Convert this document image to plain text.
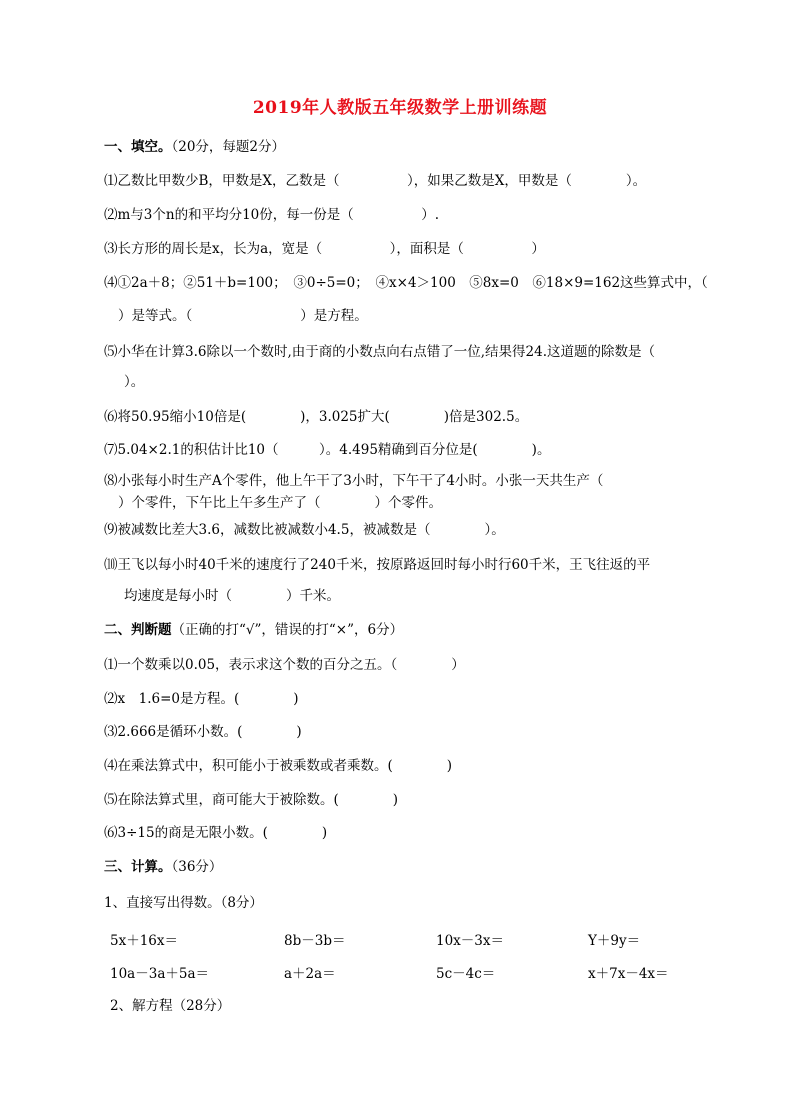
2019年人教版五年级数学上册训练题
一、填空。（20分，每题2分）
⑴乙数比甲数少B，甲数是X，乙数是（　　　　　），如果乙数是X，甲数是（　　　　）。
⑵m与3个n的和平均分10份，每一份是（　　　　　）.
⑶长方形的周长是x，长为a，宽是（　　　　　），面积是（　　　　　）
⑷①2a＋8；②51＋b=100；　③0÷5=0；　④x×4＞100　⑤8x=0　⑥18×9=162这些算式中，（
）是等式。（　　　　　　　　）是方程。
⑸小华在计算3.6除以一个数时,由于商的小数点向右点错了一位,结果得24.这道题的除数是（
）。
⑹将50.95缩小10倍是(　　　　)，3.025扩大(　　　　)倍是302.5。
⑺5.04×2.1的积估计比10（　　　）。4.495精确到百分位是(　　　　)。
⑻小张每小时生产A个零件，他上午干了3小时，下午干了4小时。小张一天共生产（
）个零件，下午比上午多生产了（　　　　）个零件。
⑼被减数比差大3.6，减数比被减数小4.5，被减数是（　　　　）。
⑽王飞以每小时40千米的速度行了240千米，按原路返回时每小时行60千米，王飞往返的平
均速度是每小时（　　　　）千米。
二、判断题（正确的打“√”，错误的打“×”，6分）
⑴一个数乘以0.05，表示求这个数的百分之五。（　　　　）
⑵x　1.6=0是方程。(　　　　)
⑶2.666是循环小数。(　　　　)
⑷在乘法算式中，积可能小于被乘数或者乘数。(　　　　)
⑸在除法算式里，商可能大于被除数。(　　　　)
⑹3÷15的商是无限小数。(　　　　)
三、计算。（36分）
1、直接写出得数。（8分）
5x＋16x＝	8b－3b＝	10x－3x＝	Y＋9y＝
10a－3a＋5a＝	a＋2a＝	5c－4c＝	x＋7x－4x＝
2、解方程（28分）
